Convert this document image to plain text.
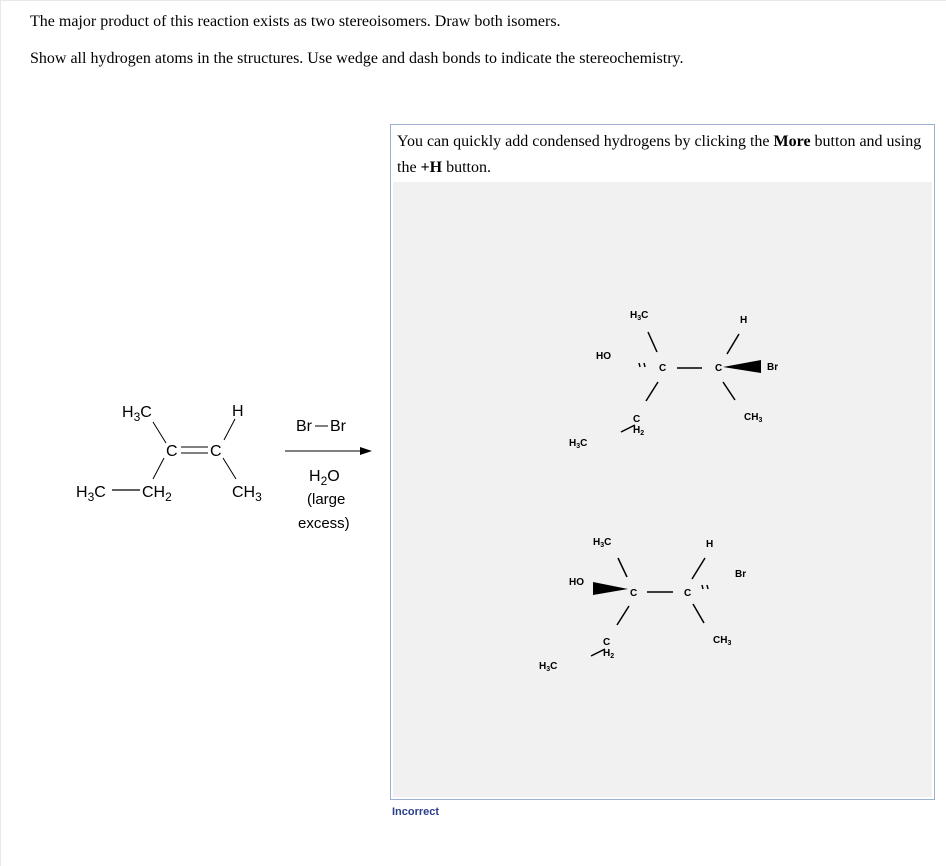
The major product of this reaction exists as two stereoisomers. Draw both isomers.
Show all hydrogen atoms in the structures. Use wedge and dash bonds to indicate the stereochemistry.
$H_3C$	H
C C
$H_3C$ $CH_2$	$CH_3$
Br Br
$H_2O$
(large
excess)
You can quickly add condensed hydrogens by clicking the More button and using the +H button.
$H_3C$	H
HO
C	C	Br
C
$H_2$
$CH_3$
$H_3C$
$H_3C$	H
HO
C	C
Br
C
$H_2$
$CH_3$
$H_3C$
Incorrect
